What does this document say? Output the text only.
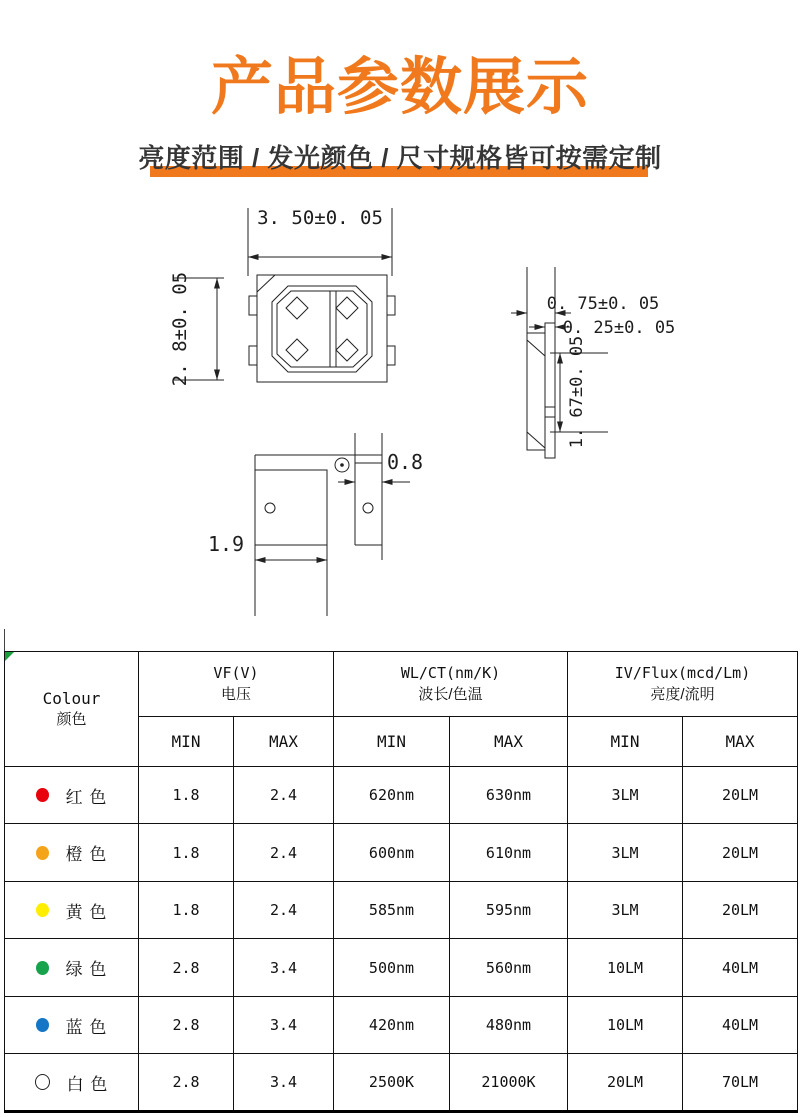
产品参数展示
亮度范围 / 发光颜色 / 尺寸规格皆可按需定制
3. 50±0. 05
2. 8±0. 05	0. 75±0. 05
0. 25±0. 05
1. 67±0. 05
0.8
1.9
Colour
颜色

VF(V)
电压

WL/CT(nm/K)
波长/色温

IV/Flux(mcd/Lm)
亮度/流明

	MIN	MAX	MIN	MAX	MIN	MAX

红 色	1.8	2.4	620nm	630nm	3LM	20LM

橙 色	1.8	2.4	600nm	610nm	3LM	20LM

黄 色	1.8	2.4	585nm	595nm	3LM	20LM

绿 色	2.8	3.4	500nm	560nm	10LM	40LM

蓝 色	2.8	3.4	420nm	480nm	10LM	40LM

白 色	2.8	3.4	2500K	21000K	20LM	70LM
